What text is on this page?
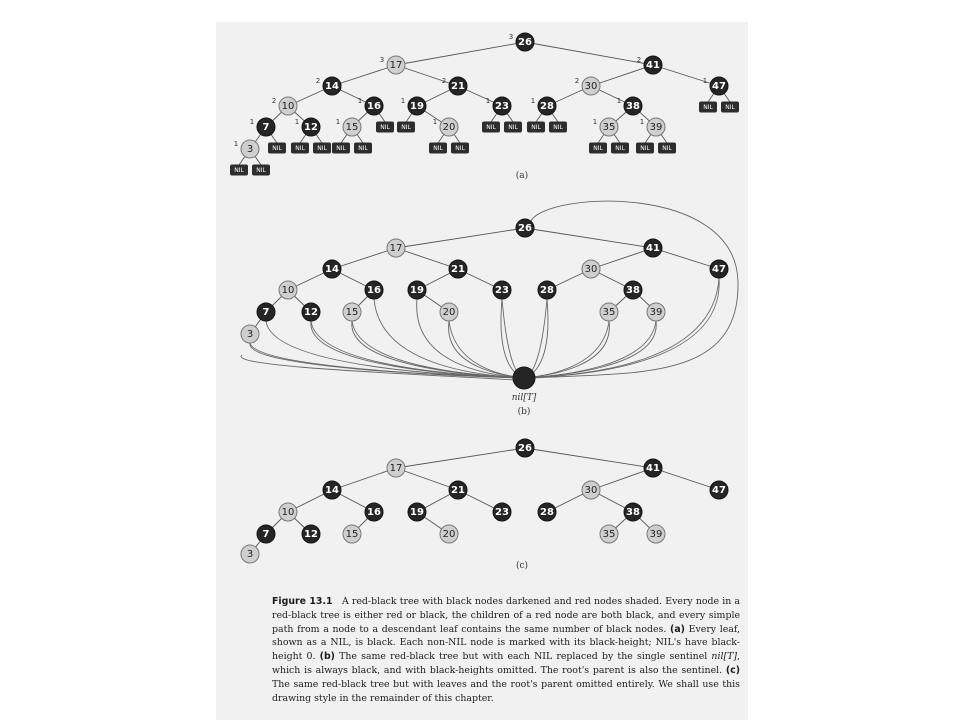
NIL NIL
NIL NIL NIL NIL NIL
NIL NIL
NIL NIL
NIL NIL NIL NIL
NIL NIL	NIL NIL
NIL NIL
3
7
10
12
14
15
16
17
19
20
21
23
26
28
30
35
38
39
41
47
3
7
10
12
14
15
16
17
19
20
21
23
26
28
30
35
38
39
41
47
3
7
10
12
14
15
16
17
19
20
21
23
26
28
30
35
38
39
41
47
1
1
2
1
2
1
1
3
1
1
2
1
3
1
2
1
1
1
2
1
(a)
nil[T]
(b)
(c)
Figure 13.1 A red-black tree with black nodes darkened and red nodes shaded. Every node in a red-black tree is either red or black, the children of a red node are both black, and every simple path from a node to a descendant leaf contains the same number of black nodes. (a) Every leaf, shown as a NIL, is black. Each non-NIL node is marked with its black-height; NIL's have black-height 0. (b) The same red-black tree but with each NIL replaced by the single sentinel nil[T], which is always black, and with black-heights omitted. The root's parent is also the sentinel. (c) The same red-black tree but with leaves and the root's parent omitted entirely. We shall use this drawing style in the remainder of this chapter.
